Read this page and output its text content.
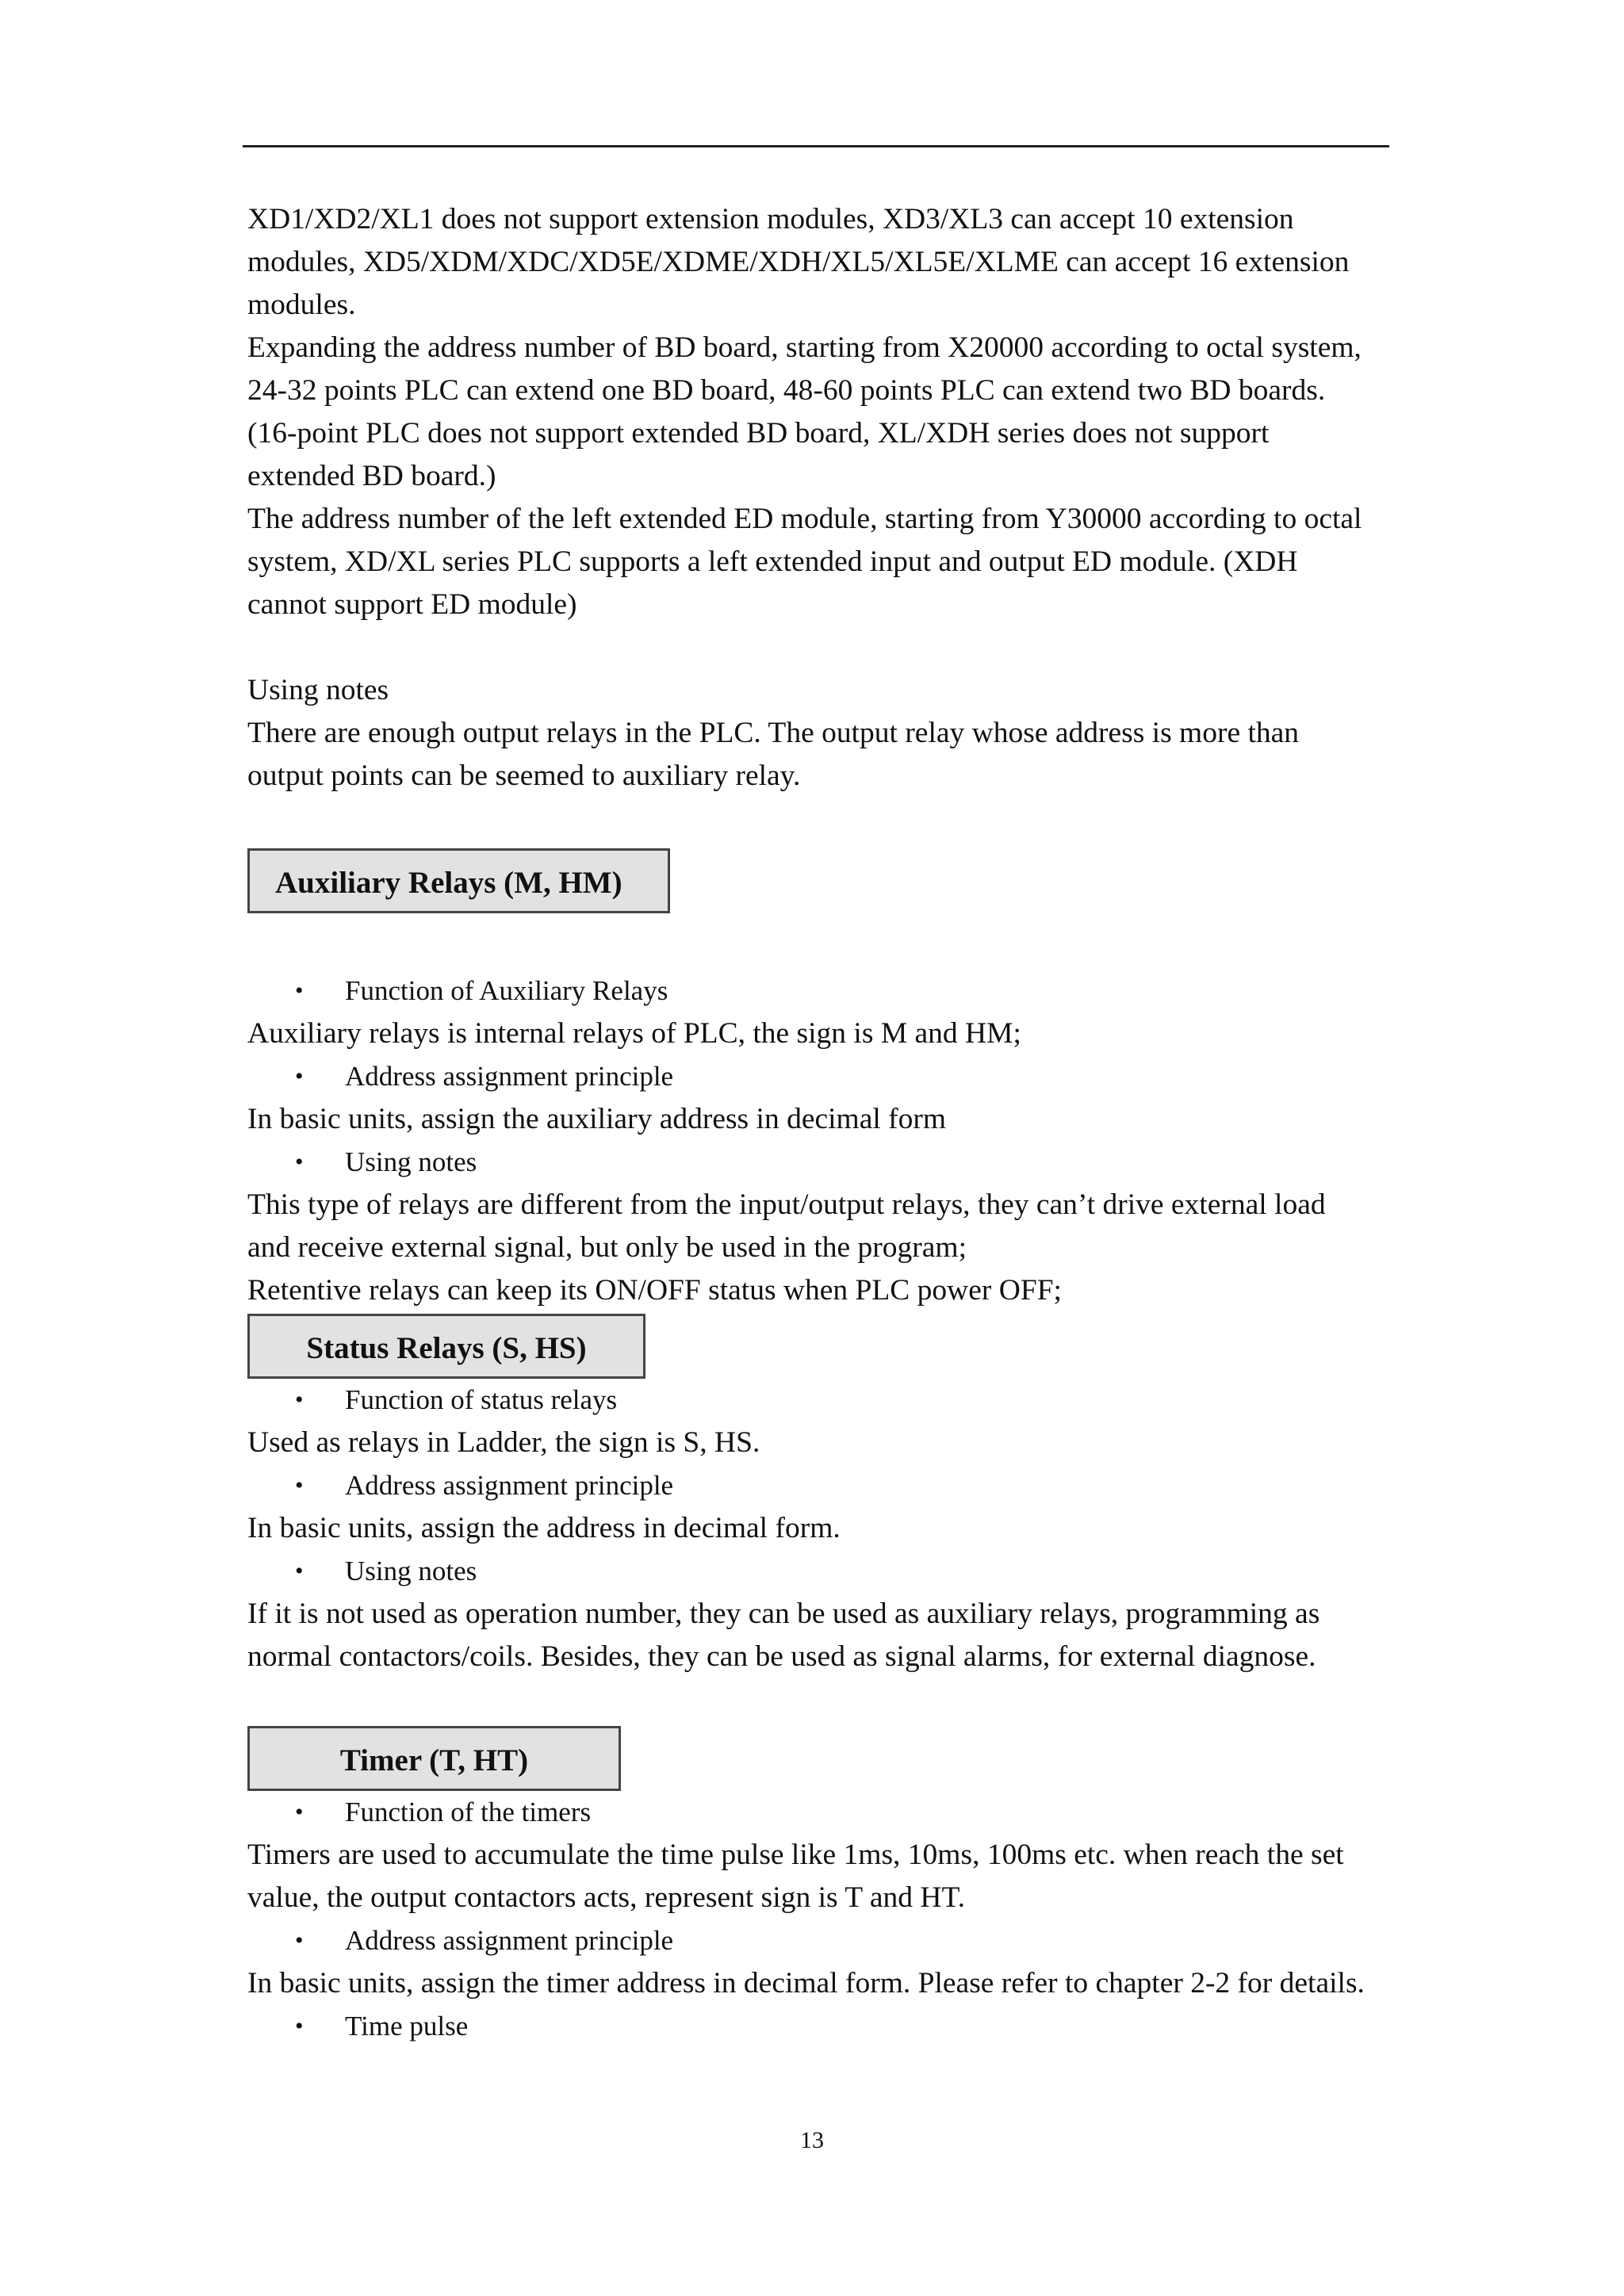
XD1/XD2/XL1 does not support extension modules, XD3/XL3 can accept 10 extension

modules, XD5/XDM/XDC/XD5E/XDME/XDH/XL5/XL5E/XLME can accept 16 extension

modules.

Expanding the address number of BD board, starting from X20000 according to octal system,

24-32 points PLC can extend one BD board, 48-60 points PLC can extend two BD boards.

(16-point PLC does not support extended BD board, XL/XDH series does not support

extended BD board.)

The address number of the left extended ED module, starting from Y30000 according to octal

system, XD/XL series PLC supports a left extended input and output ED module. (XDH

cannot support ED module)

Using notes

There are enough output relays in the PLC. The output relay whose address is more than

output points can be seemed to auxiliary relay.

Auxiliary Relays (M, HM)

• Function of Auxiliary Relays

Auxiliary relays is internal relays of PLC, the sign is M and HM;

• Address assignment principle

In basic units, assign the auxiliary address in decimal form

• Using notes

This type of relays are different from the input/output relays, they can’t drive external load

and receive external signal, but only be used in the program;

Retentive relays can keep its ON/OFF status when PLC power OFF;

Status Relays (S, HS)

• Function of status relays

Used as relays in Ladder, the sign is S, HS.

• Address assignment principle

In basic units, assign the address in decimal form.

• Using notes

If it is not used as operation number, they can be used as auxiliary relays, programming as

normal contactors/coils. Besides, they can be used as signal alarms, for external diagnose.

Timer (T, HT)

• Function of the timers

Timers are used to accumulate the time pulse like 1ms, 10ms, 100ms etc. when reach the set

value, the output contactors acts, represent sign is T and HT.

• Address assignment principle

In basic units, assign the timer address in decimal form. Please refer to chapter 2-2 for details.

• Time pulse

13
